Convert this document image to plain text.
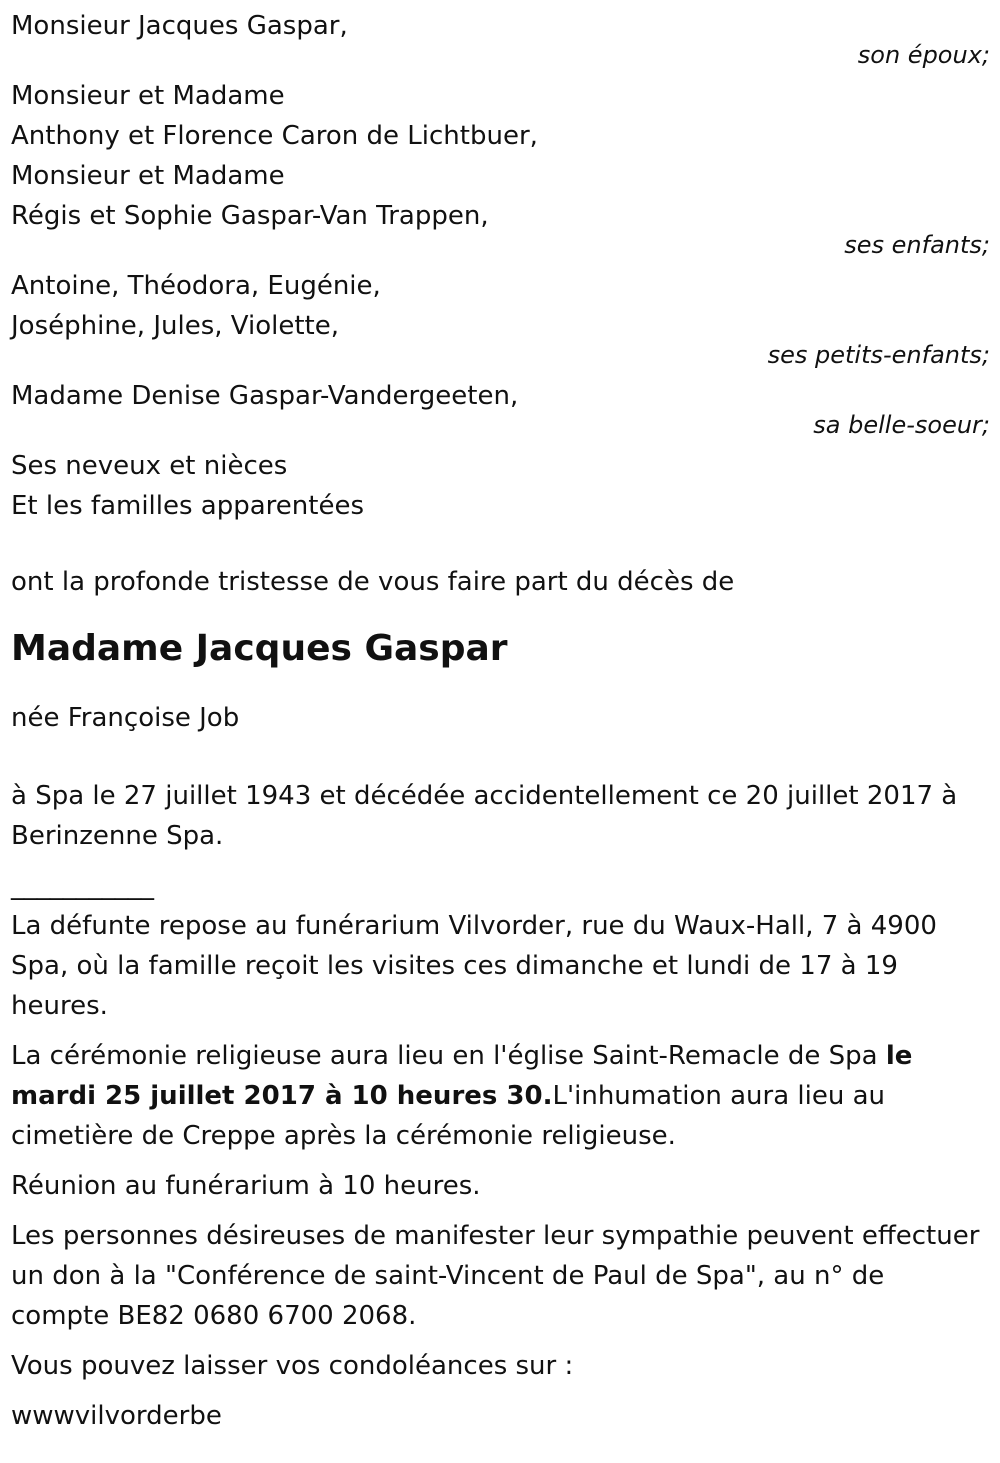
Monsieur Jacques Gaspar,
son époux;
Monsieur et Madame
Anthony et Florence Caron de Lichtbuer,
Monsieur et Madame
Régis et Sophie Gaspar-Van Trappen,
ses enfants;
Antoine, Théodora, Eugénie,
Joséphine, Jules, Violette,
ses petits-enfants;
Madame Denise Gaspar-Vandergeeten,
sa belle-soeur;
Ses neveux et nièces
Et les familles apparentées
ont la profonde tristesse de vous faire part du décès de
Madame Jacques Gaspar
née Françoise Job
à Spa le 27 juillet 1943 et décédée accidentellement ce 20 juillet 2017 à Berinzenne Spa.
___________
La défunte repose au funérarium Vilvorder, rue du Waux-Hall, 7 à 4900 Spa, où la famille reçoit les visites ces dimanche et lundi de 17 à 19 heures.
La cérémonie religieuse aura lieu en l'église Saint-Remacle de Spa le mardi 25 juillet 2017 à 10 heures 30.L'inhumation aura lieu au cimetière de Creppe après la cérémonie religieuse.
Réunion au funérarium à 10 heures.
Les personnes désireuses de manifester leur sympathie peuvent effectuer un don à la "Conférence de saint-Vincent de Paul de Spa", au n° de compte BE82 0680 6700 2068.
Vous pouvez laisser vos condoléances sur :
wwwvilvorderbe
